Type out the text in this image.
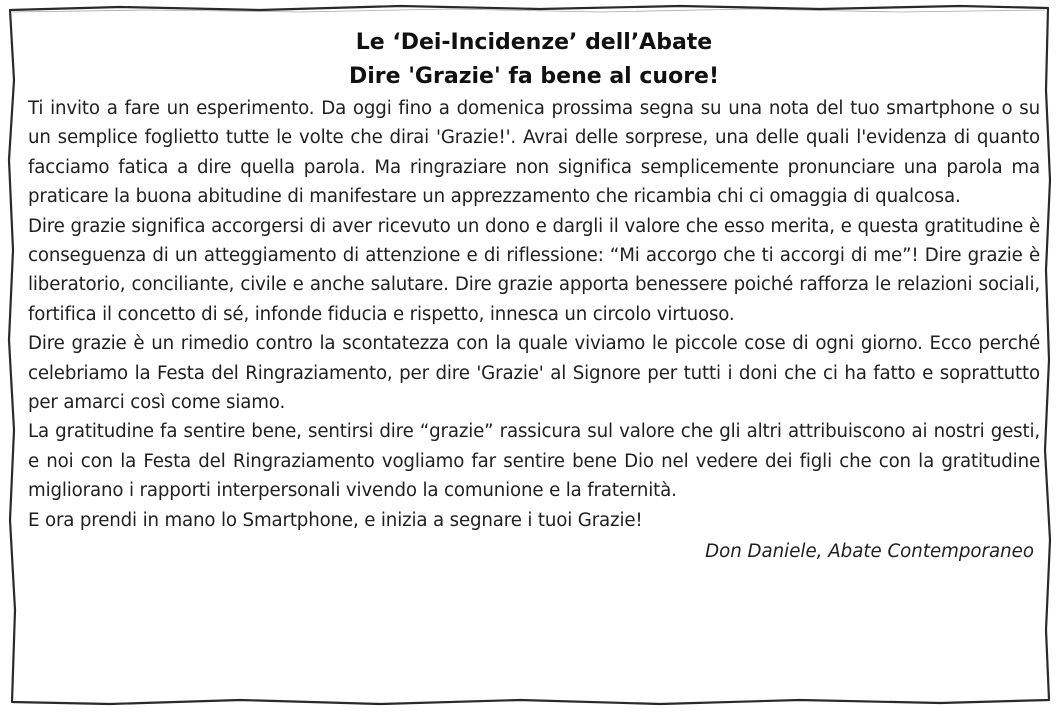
Le ‘Dei-Incidenze’ dell’Abate
Dire 'Grazie' fa bene al cuore!

Ti invito a fare un esperimento. Da oggi fino a domenica prossima segna su una nota del tuo smartphone o su un semplice foglietto tutte le volte che dirai 'Grazie!'. Avrai delle sorprese, una delle quali l'evidenza di quanto facciamo fatica a dire quella parola. Ma ringraziare non significa semplicemente pronunciare una parola ma praticare la buona abitudine di manifestare un apprezzamento che ricambia chi ci omaggia di qualcosa.

Dire grazie significa accorgersi di aver ricevuto un dono e dargli il valore che esso merita, e questa gratitudine è conseguenza di un atteggiamento di attenzione e di riflessione: “Mi accorgo che ti accorgi di me”! Dire grazie è liberatorio, conciliante, civile e anche salutare. Dire grazie apporta benessere poiché rafforza le relazioni sociali, fortifica il concetto di sé, infonde fiducia e rispetto, innesca un circolo virtuoso.

Dire grazie è un rimedio contro la scontatezza con la quale viviamo le piccole cose di ogni giorno. Ecco perché celebriamo la Festa del Ringraziamento, per dire 'Grazie' al Signore per tutti i doni che ci ha fatto e soprattutto per amarci così come siamo.

La gratitudine fa sentire bene, sentirsi dire “grazie” rassicura sul valore che gli altri attribuiscono ai nostri gesti, e noi con la Festa del Ringraziamento vogliamo far sentire bene Dio nel vedere dei figli che con la gratitudine migliorano i rapporti interpersonali vivendo la comunione e la fraternità.

E ora prendi in mano lo Smartphone, e inizia a segnare i tuoi Grazie!

Don Daniele, Abate Contemporaneo
